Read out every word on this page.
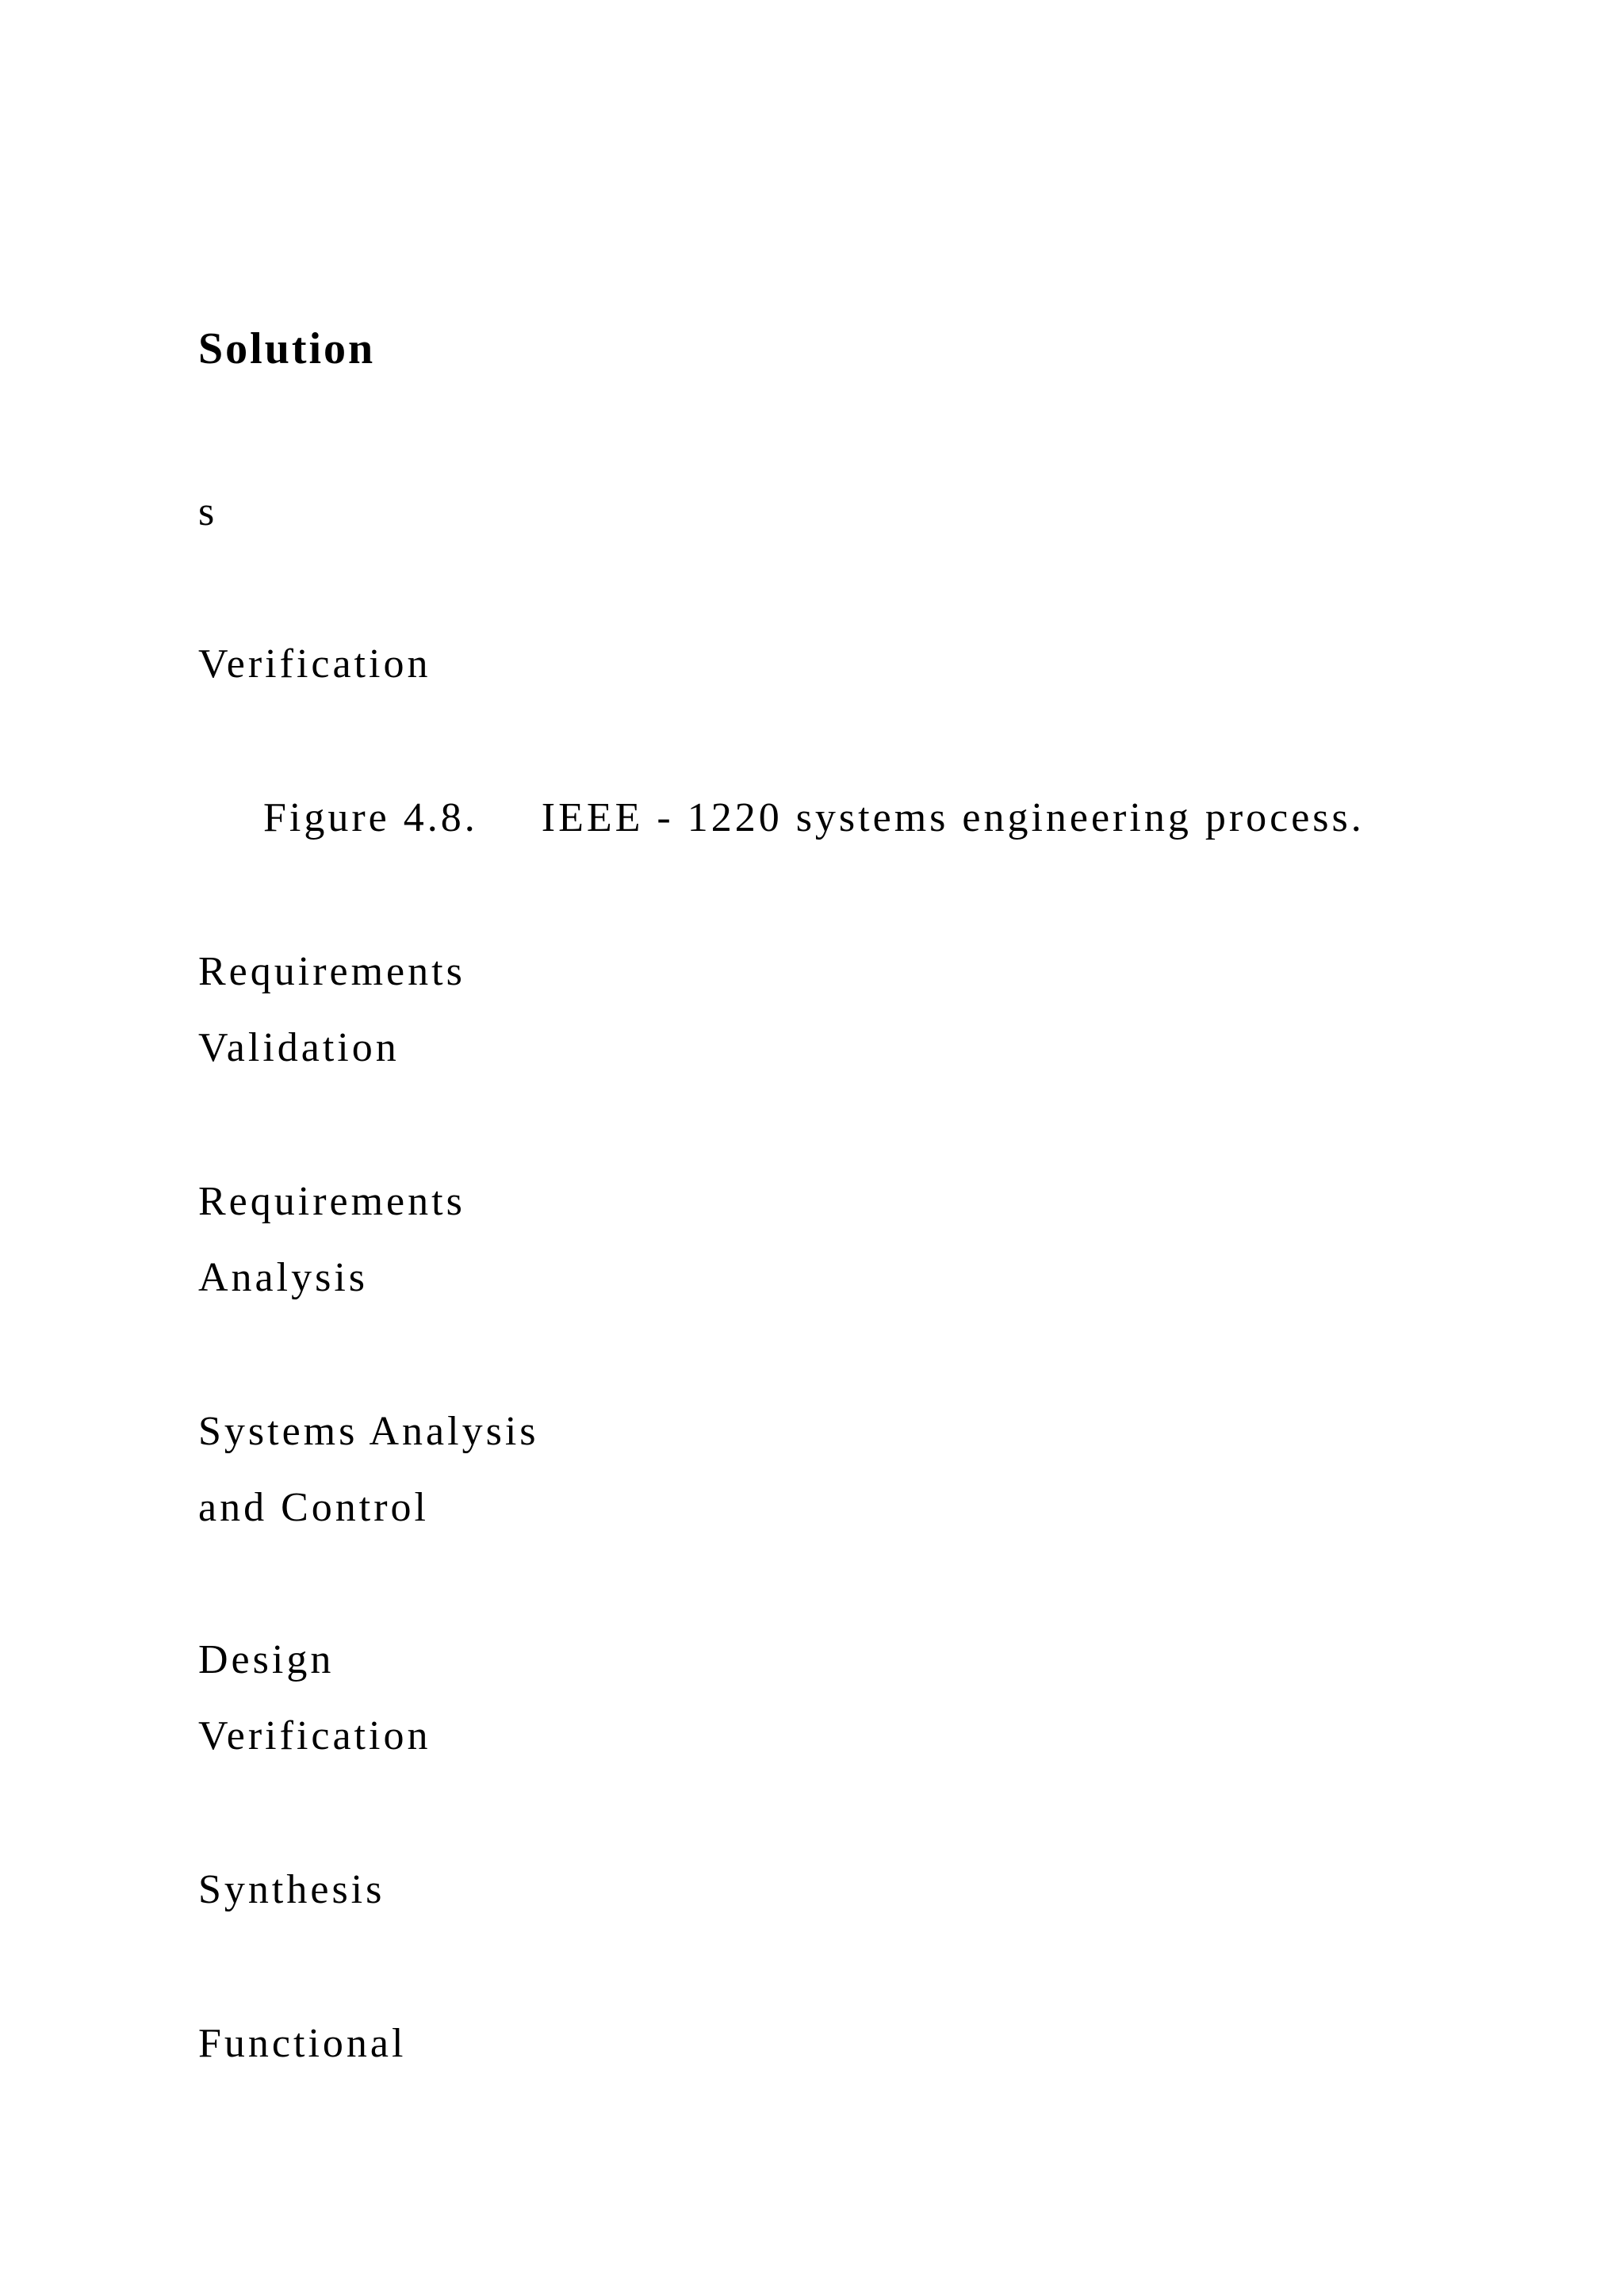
Solution
s
Verification
Figure 4.8. IEEE - 1220 systems engineering process.
Requirements
Validation
Requirements
Analysis
Systems Analysis
and Control
Design
Verification
Synthesis
Functional
